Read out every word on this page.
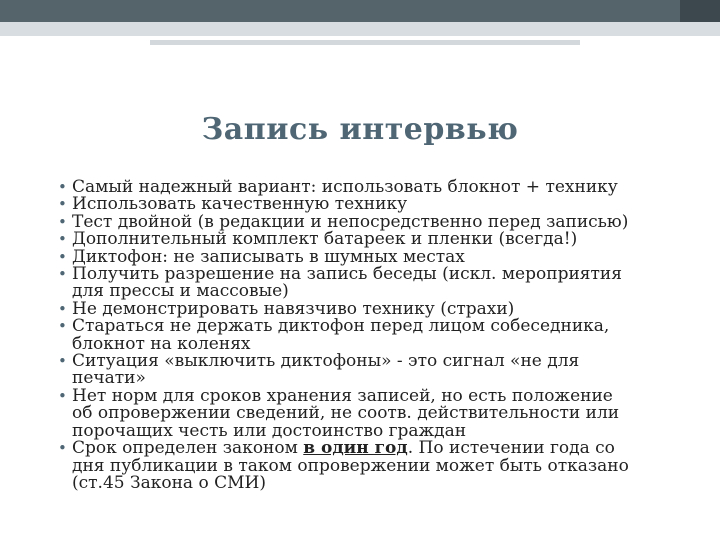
Запись интервью
• Самый надежный вариант: использовать блокнот + технику
• Использовать качественную технику
• Тест двойной (в редакции и непосредственно перед записью)
• Дополнительный комплект батареек и пленки (всегда!)
• Диктофон: не записывать в шумных местах
• Получить разрешение на запись беседы (искл. мероприятия
для прессы и массовые)
• Не демонстрировать навязчиво технику (страхи)
• Стараться не держать диктофон перед лицом собеседника,
блокнот на коленях
• Ситуация «выключить диктофоны» - это сигнал «не для
печати»
• Нет норм для сроков хранения записей, но есть положение
об опровержении сведений, не соотв. действительности или
порочащих честь или достоинство граждан
• Срок определен законом в один год. По истечении года со
дня публикации в таком опровержении может быть отказано
(ст.45 Закона о СМИ)
